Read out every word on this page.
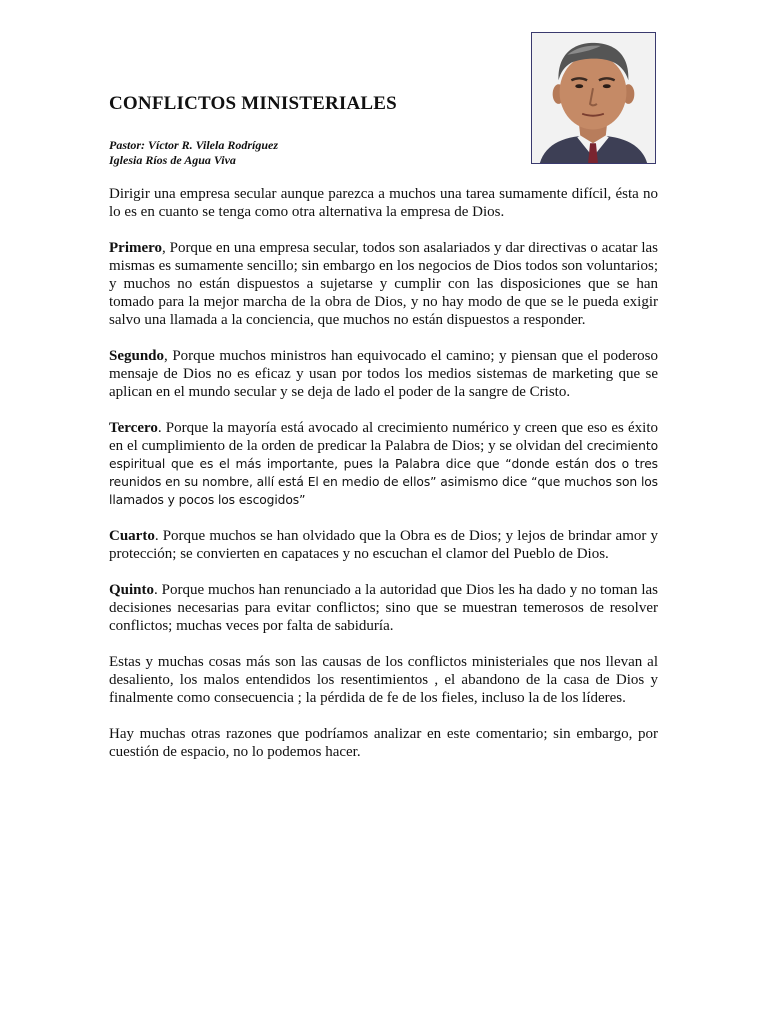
CONFLICTOS MINISTERIALES
Pastor: Víctor R. Vilela Rodríguez
Iglesia Ríos de Agua Viva

Dirigir una empresa secular aunque parezca a muchos una tarea sumamente difícil, ésta no lo es en cuanto se tenga como otra alternativa la empresa de Dios.

Primero, Porque en una empresa secular, todos son asalariados y dar directivas o acatar las mismas es sumamente sencillo; sin embargo en los negocios de Dios todos son voluntarios; y muchos no están dispuestos a sujetarse y cumplir con las disposiciones que se han tomado para la mejor marcha de la obra de Dios, y no hay modo de que se le pueda exigir salvo una llamada a la conciencia, que muchos no están dispuestos a responder.

Segundo, Porque muchos ministros han equivocado el camino; y piensan que el poderoso mensaje de Dios no es eficaz y usan por todos los medios sistemas de marketing que se aplican en el mundo secular y se deja de lado el poder de la sangre de Cristo.

Tercero. Porque la mayoría está avocado al crecimiento numérico y creen que eso es éxito en el cumplimiento de la orden de predicar la Palabra de Dios; y se olvidan del crecimiento espiritual que es el más importante, pues la Palabra dice que “donde están dos o tres reunidos en su nombre, allí está El en medio de ellos” asimismo dice “que muchos son los llamados y pocos los escogidos”

Cuarto. Porque muchos se han olvidado que la Obra es de Dios; y lejos de brindar amor y protección; se convierten en capataces y no escuchan el clamor del Pueblo de Dios.

Quinto. Porque muchos han renunciado a la autoridad que Dios les ha dado y no toman las decisiones necesarias para evitar conflictos; sino que se muestran temerosos de resolver conflictos; muchas veces por falta de sabiduría.

Estas y muchas cosas más son las causas de los conflictos ministeriales que nos llevan al desaliento, los malos entendidos los resentimientos , el abandono de la casa de Dios y finalmente como consecuencia ; la pérdida de fe de los fieles, incluso la de los líderes.

Hay muchas otras razones que podríamos analizar en este comentario; sin embargo, por cuestión de espacio, no lo podemos hacer.
